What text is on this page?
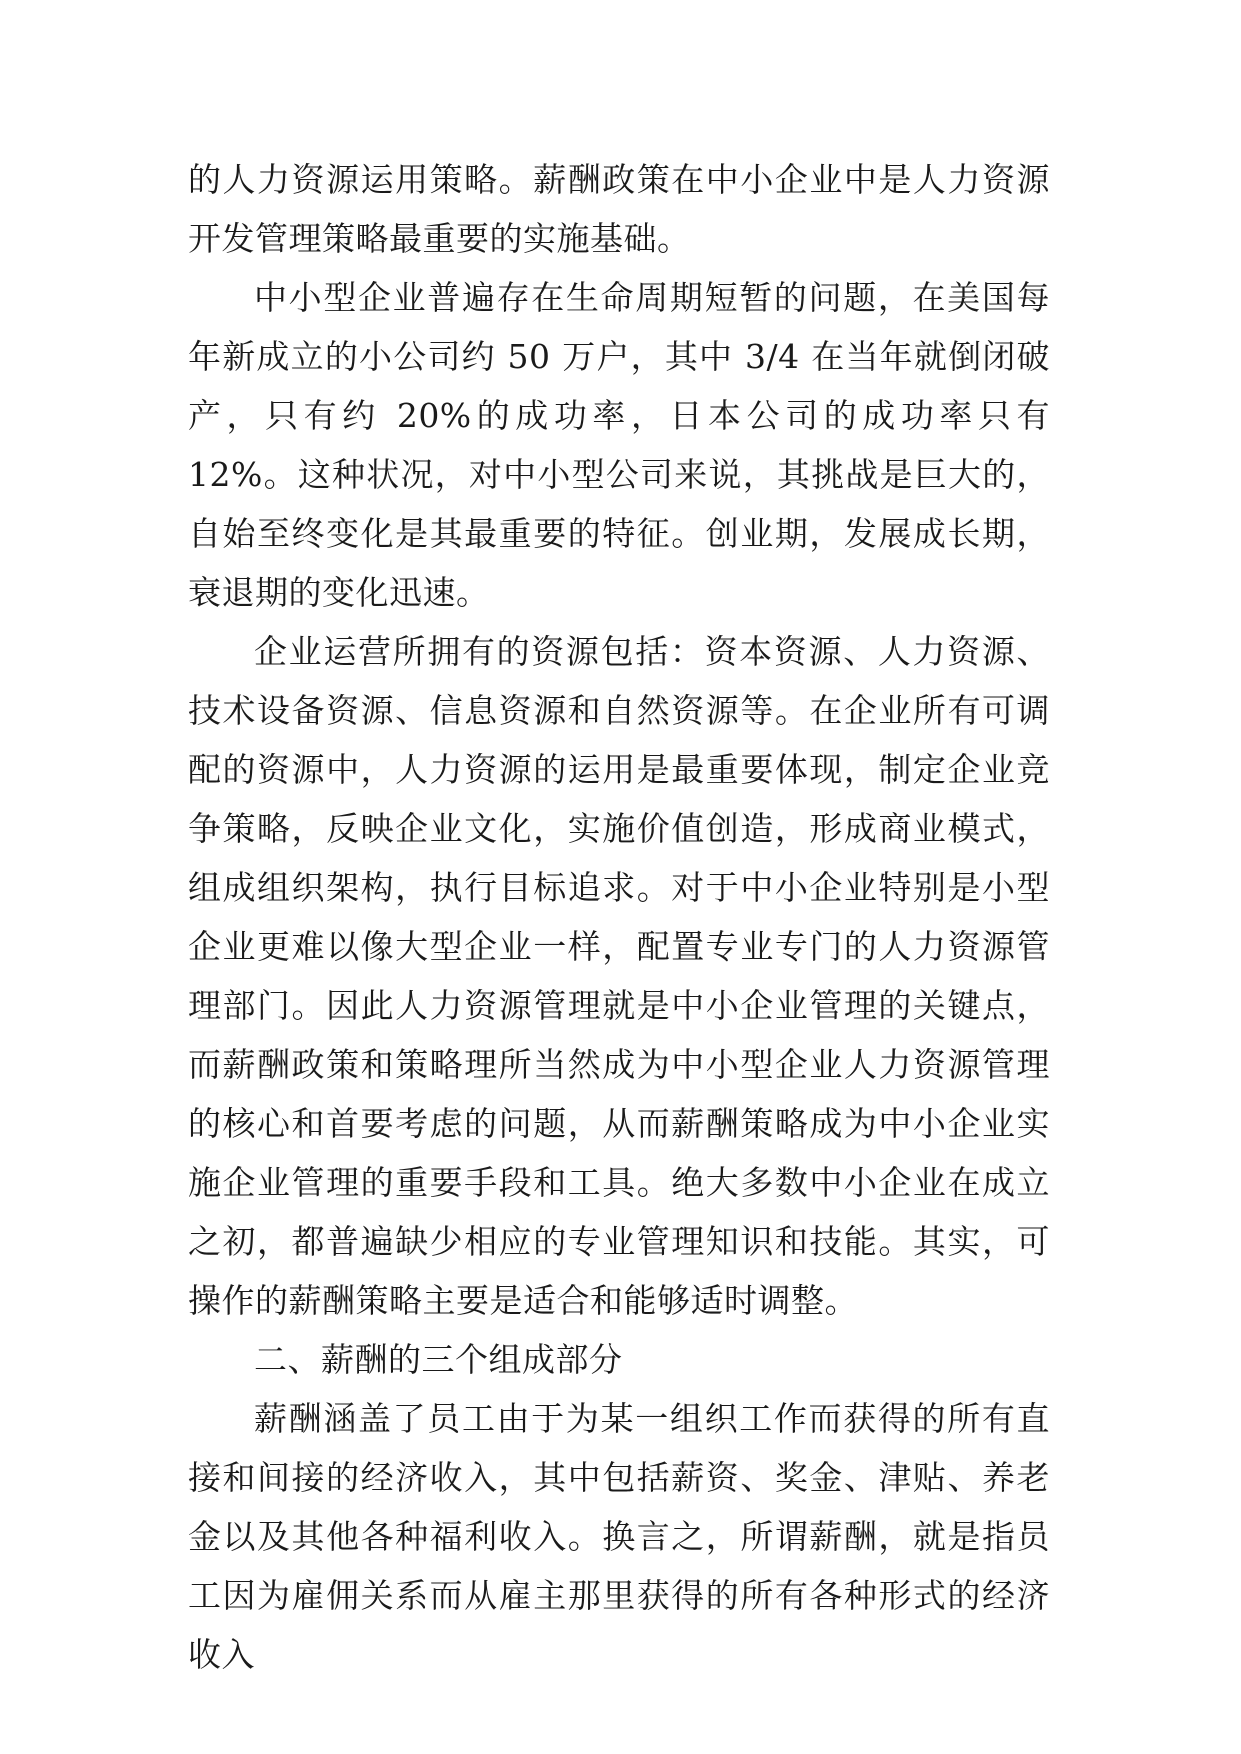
的人力资源运用策略。薪酬政策在中小企业中是人力资源开发管理策略最重要的实施基础。

中小型企业普遍存在生命周期短暂的问题，在美国每年新成立的小公司约 50 万户，其中 3/4 在当年就倒闭破产，只有约 20%的成功率，日本公司的成功率只有 12%。这种状况，对中小型公司来说，其挑战是巨大的，自始至终变化是其最重要的特征。创业期，发展成长期，衰退期的变化迅速。

企业运营所拥有的资源包括：资本资源、人力资源、技术设备资源、信息资源和自然资源等。在企业所有可调配的资源中，人力资源的运用是最重要体现，制定企业竞争策略，反映企业文化，实施价值创造，形成商业模式，组成组织架构，执行目标追求。对于中小企业特别是小型企业更难以像大型企业一样，配置专业专门的人力资源管理部门。因此人力资源管理就是中小企业管理的关键点，而薪酬政策和策略理所当然成为中小型企业人力资源管理的核心和首要考虑的问题，从而薪酬策略成为中小企业实施企业管理的重要手段和工具。绝大多数中小企业在成立之初，都普遍缺少相应的专业管理知识和技能。其实，可操作的薪酬策略主要是适合和能够适时调整。

二、薪酬的三个组成部分

薪酬涵盖了员工由于为某一组织工作而获得的所有直接和间接的经济收入，其中包括薪资、奖金、津贴、养老金以及其他各种福利收入。换言之，所谓薪酬，就是指员工因为雇佣关系而从雇主那里获得的所有各种形式的经济收入
